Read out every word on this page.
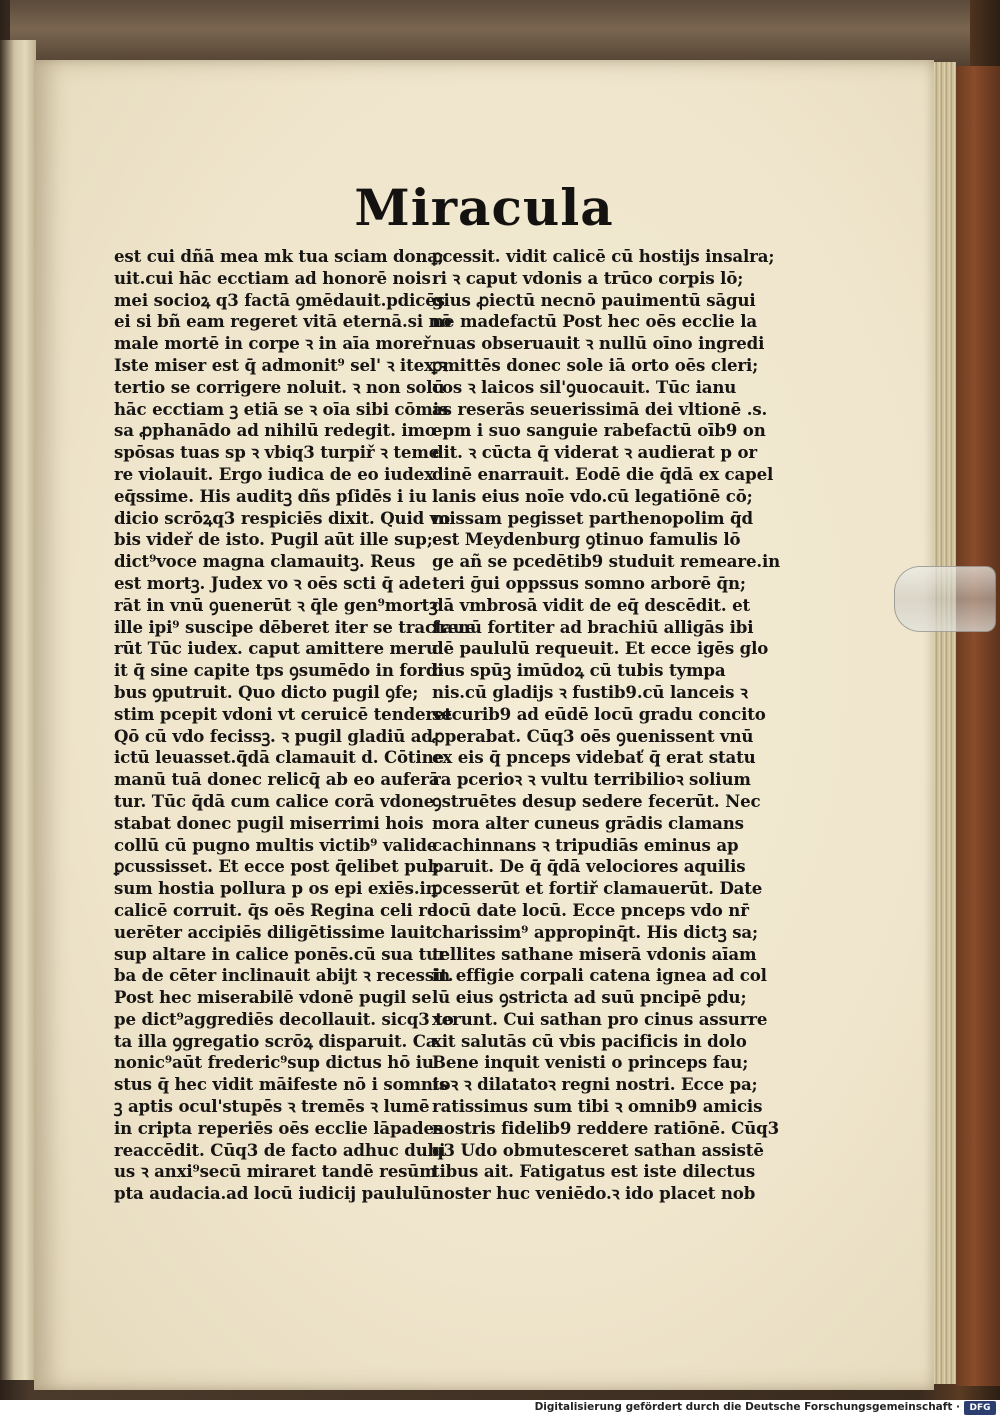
Miracula
est cui dñā mea mk tua sciam dona;
uit.cui hāc ecctiam ad honorē nois
mei socioꝝ q3 factā ꝯmēdauit.pdicēs
ei si bñ eam regeret vitā eternā.si nō
male mortē in corpe ꝛ in aīa moreř
Iste miser est q̄ admonit⁹ sel' ꝛ itex ꝛ
tertio se corrigere noluit. ꝛ non solū
hāc ecctiam ꝫ etiā se ꝛ oīa sibi cōmis
sa ꝓphanādo ad nihilū redegit. imo
spōsas tuas sp ꝛ vbiq3 turpiř ꝛ teme
re violauit. Ergo iudica de eo iudex
eq̄ssime. His auditꝫ dñs pſidēs i iu
dicio scrōꝝq3 respiciēs dixit. Quid vo
bis videř de isto. Pugil aūt ille sup;
dict⁹voce magna clamauitꝫ. Reus
est mortꝫ. Judex vo ꝛ oēs scti q̄ ade
rāt in vnū ꝯuenerūt ꝛ q̄le gen⁹mortꝫ
ille ipi⁹ suscipe dēberet iter se tractaue
rūt Tūc iudex. caput amittere meru
it q̄ sine capite tps ꝯsumēdo in fordi
bus ꝯputruit. Quo dicto pugil ꝯfe;
stim pcepit vdoni vt ceruicē tenderet
Qō cū vdo fecissꝫ. ꝛ pugil gladiū ad
ictū leuasset.q̄dā clamauit d. Cōtine
manū tuā donec relicq̄ ab eo auferā
tur. Tūc q̄dā cum calice corā vdone
stabat donec pugil miserrimi hois
collū cū pugno multis victib⁹ valide
ꝑcussisset. Et ecce post q̄elibet pul;
sum hostia pollura p os epi exiēs.in
calicē corruit. q̄s oēs Regina celi re
uerēter accipiēs diligētissime lauit
sup altare in calice ponēs.cū sua tur
ba de cēter inclinauit abijt ꝛ recessit.
Post hec miserabilē vdonē pugil se
pe dict⁹aggrediēs decollauit. sicq3 to
ta illa ꝯgregatio scrōꝝ disparuit. Ca
nonic⁹aūt frederic⁹sup dictus hō iu
stus q̄ hec vidit māifeste nō i somnis
ꝫ aptis ocul'stupēs ꝛ tremēs ꝛ lumē
in cripta reperiēs oēs ecclie lāpades
reaccēdit. Cūq3 de facto adhuc dubi
us ꝛ anxi⁹secū miraret tandē resūm
pta audacia.ad locū iudicij paululū
ꝑcessit. vidit calicē cū hostijs insalra;
ri ꝛ caput vdonis a trūco corpis lō;
gius ꝓiectū necnō pauimentū sāgui
ne madefactū Post hec oēs ecclie la
nuas obseruauit ꝛ nullū oīno ingredi
ꝑmittēs donec sole iā orto oēs cleri;
cos ꝛ laicos sil'ꝯuocauit. Tūc ianu
as reserās seuerissimā dei vltionē .s.
epm i suo sanguie rabefactū oīb9 on
dit. ꝛ cūcta q̄ viderat ꝛ audierat p or
dinē enarrauit. Eodē die q̄dā ex capel
lanis eius noīe vdo.cū legatiōnē cō;
missam pegisset parthenopolim q̄d
est Meydenburg ꝯtinuo famulis lō
ge añ se pcedētib9 studuit remeare.in
teri ḡui oppssus somno arborē q̄n;
dā vmbrosā vidit de eq̄ descēdit. et
frenū fortiter ad brachiū alligās ibi
dē paululū requeuit. Et ecce igēs glo
bus spūꝫ imūdoꝝ cū tubis tympa
nis.cū gladijs ꝛ fustib9.cū lanceis ꝛ
securib9 ad eūdē locū gradu concito
ꝓperabat. Cūq3 oēs ꝯuenissent vnū
ex eis q̄ pnceps videbať q̄ erat statu
ra pcerioꝛ ꝛ vultu terribilioꝛ solium
ꝯstruētes desup sedere fecerūt. Nec
mora alter cuneus grādis clamans
cachinnans ꝛ tripudiās eminus ap
paruit. De q̄ q̄dā velociores aquilis
ꝑcesserūt et fortiř clamauerūt. Date
locū date locū. Ecce pnceps vdo nr̄
charissim⁹ appropinq̄t. His dictꝫ sa;
tellites sathane miserā vdonis aīam
in effigie corpali catena ignea ad col
lū eius ꝯstricta ad suū pncipē ꝑdu;
xerunt. Cui sathan pro cinus assurre
xit salutās cū vbis pacificis in dolo
Bene inquit venisti o princeps fau;
toꝛ ꝛ dilatatoꝛ regni nostri. Ecce pa;
ratissimus sum tibi ꝛ omnib9 amicis
nostris fidelib9 reddere ratiōnē. Cūq3
q3 Udo obmutesceret sathan assistē
tibus ait. Fatigatus est iste dilectus
noster huc veniēdo.ꝛ ido placet nob
Digitalisierung gefördert durch die Deutsche Forschungsgemeinschaft ·	DFG
